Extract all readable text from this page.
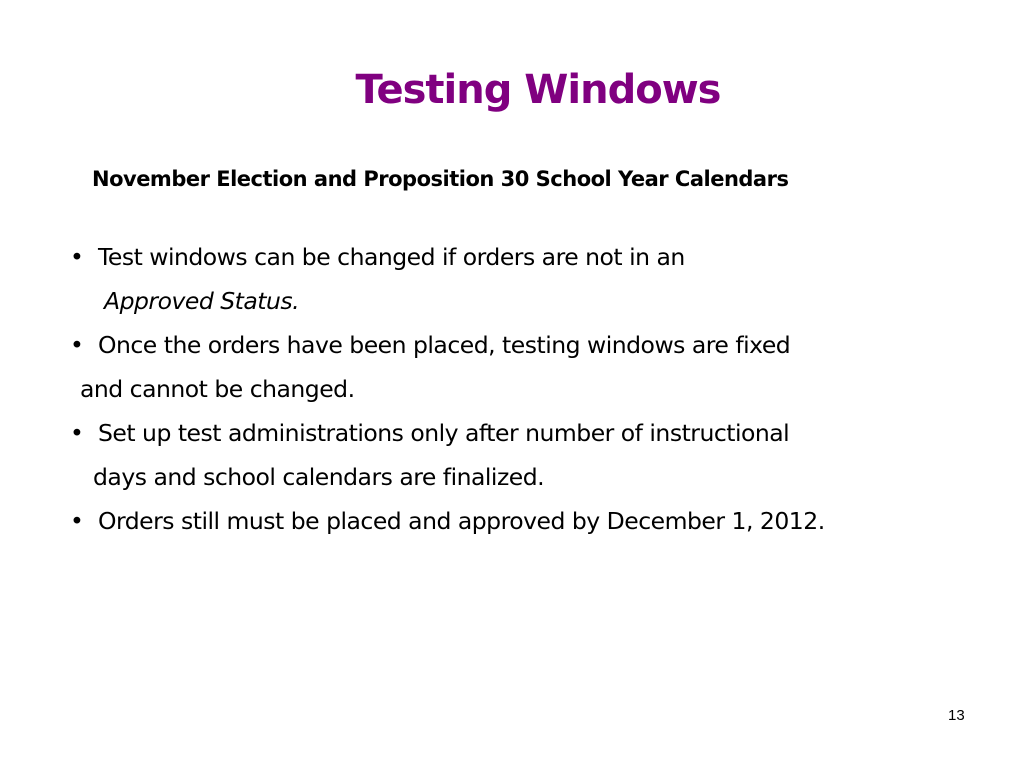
Testing Windows
November Election and Proposition 30 School Year Calendars
• Test windows can be changed if orders are not in an
Approved Status.
• Once the orders have been placed, testing windows are fixed
and cannot be changed.
• Set up test administrations only after number of instructional
days and school calendars are finalized.
• Orders still must be placed and approved by December 1, 2012.
13
